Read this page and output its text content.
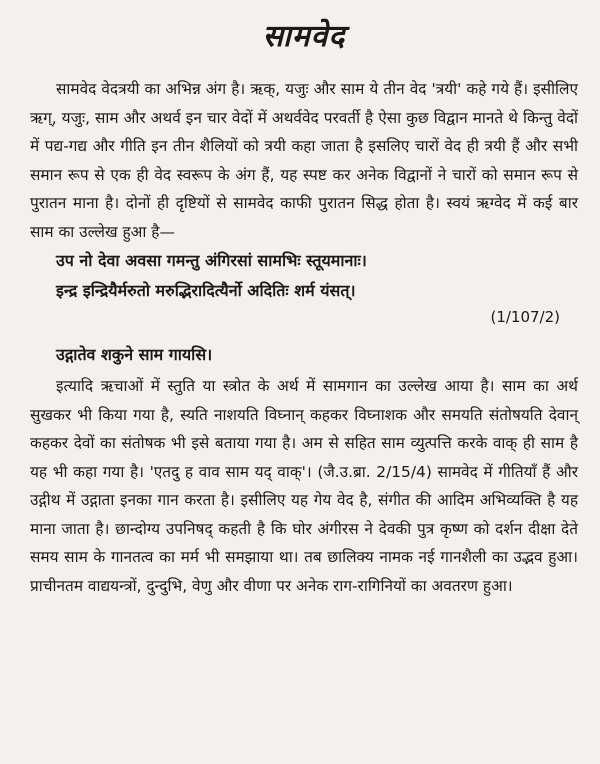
सामवेद

सामवेद वेदत्रयी का अभिन्न अंग है। ऋक्, यजुः और साम ये तीन वेद 'त्रयी' कहे गये हैं। इसीलिए ऋग्, यजुः, साम और अथर्व इन चार वेदों में अथर्ववेद परवर्ती है ऐसा कुछ विद्वान मानते थे किन्तु वेदों में पद्य-गद्य और गीति इन तीन शैलियों को त्रयी कहा जाता है इसलिए चारों वेद ही त्रयी हैं और सभी समान रूप से एक ही वेद स्वरूप के अंग हैं, यह स्पष्ट कर अनेक विद्वानों ने चारों को समान रूप से पुरातन माना है। दोनों ही दृष्टियों से सामवेद काफी पुरातन सिद्ध होता है। स्वयं ऋग्वेद में कई बार साम का उल्लेख हुआ है—

उप नो देवा अवसा गमन्तु अंगिरसां सामभिः स्तूयमानाः।

इन्द्र इन्द्रियैर्मरुतो मरुद्भिरादित्यैर्नो अदितिः शर्म यंसत्।

(1/107/2)

उद्गातेव शकुने साम गायसि।

इत्यादि ऋचाओं में स्तुति या स्त्रोत के अर्थ में सामगान का उल्लेख आया है। साम का अर्थ सुखकर भी किया गया है, स्यति नाशयति विघ्नान् कहकर विघ्नाशक और समयति संतोषयति देवान् कहकर देवों का संतोषक भी इसे बताया गया है। अम से सहित साम व्युत्पत्ति करके वाक् ही साम है यह भी कहा गया है। 'एतदु ह वाव साम यद् वाक्'। (जै.उ.ब्रा. 2/15/4) सामवेद में गीतियाँ हैं और उद्गीथ में उद्गाता इनका गान करता है। इसीलिए यह गेय वेद है, संगीत की आदिम अभिव्यक्ति है यह माना जाता है। छान्दोग्य उपनिषद् कहती है कि घोर अंगीरस ने देवकी पुत्र कृष्ण को दर्शन दीक्षा देते समय साम के गानतत्व का मर्म भी समझाया था। तब छालिक्य नामक नई गानशैली का उद्भव हुआ। प्राचीनतम वाद्ययन्त्रों, दुन्दुभि, वेणु और वीणा पर अनेक राग-रागिनियों का अवतरण हुआ।
